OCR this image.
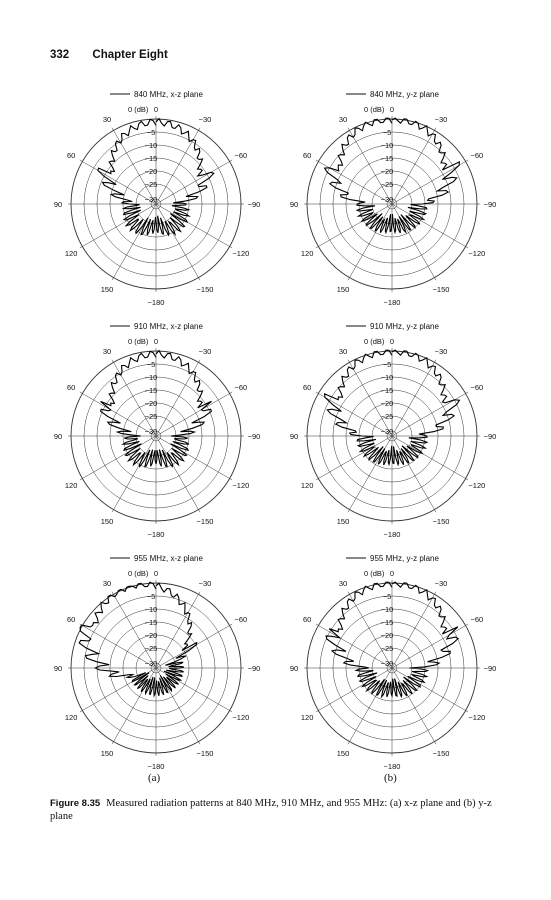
332 Chapter Eight
840 MHz, x-z plane
0 (dB)
−5
−10
−15
−20
−25
−30
0
30
60
90
120
150
−180
−150
−120
−90
−60
−30
840 MHz, y-z plane
0 (dB)
−5
−10
−15
−20
−25
−30
0
30
60
90
120
150
−180
−150
−120
−90
−60
−30
910 MHz, x-z plane
0 (dB)
−5
−10
−15
−20
−25
−30
0
30
60
90
120
150
−180
−150
−120
−90
−60
−30
910 MHz, y-z plane
0 (dB)
−5
−10
−15
−20
−25
−30
0
30
60
90
120
150
−180
−150
−120
−90
−60
−30
955 MHz, x-z plane
0 (dB)
−5
−10
−15
−20
−25
−30
0
30
60
90
120
150
−180
−150
−120
−90
−60
−30
955 MHz, y-z plane
0 (dB)
−5
−10
−15
−20
−25
−30
0
30
60
90
120
150
−180
−150
−120
−90
−60
−30
(a)	(b)
Figure 8.35 Measured radiation patterns at 840 MHz, 910 MHz, and 955 MHz: (a) x-z plane and (b) y-z plane
